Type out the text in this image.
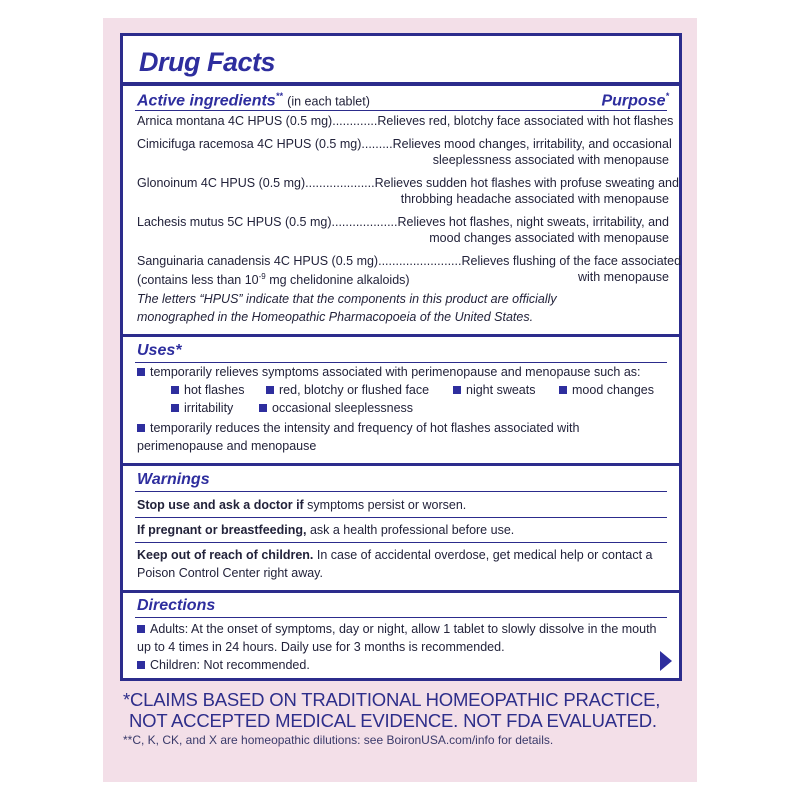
Drug Facts
Active ingredients** (in each tablet)	Purpose*
Arnica montana 4C HPUS (0.5 mg).............Relieves red, blotchy face associated with hot flashes
Cimicifuga racemosa 4C HPUS (0.5 mg).........Relieves mood changes, irritability, and occasional
sleeplessness associated with menopause
Glonoinum 4C HPUS (0.5 mg)....................Relieves sudden hot flashes with profuse sweating and
throbbing headache associated with menopause
Lachesis mutus 5C HPUS (0.5 mg)...................Relieves hot flashes, night sweats, irritability, and
mood changes associated with menopause
Sanguinaria canadensis 4C HPUS (0.5 mg)........................Relieves flushing of the face associated
(contains less than $10^{-9}$ mg chelidonine alkaloids)	with menopause
The letters “HPUS” indicate that the components in this product are officially
monographed in the Homeopathic Pharmacopoeia of the United States.
Uses*
temporarily relieves symptoms associated with perimenopause and menopause such as:
hot flashes	red, blotchy or flushed face	night sweats	mood changes
irritability	occasional sleeplessness
temporarily reduces the intensity and frequency of hot flashes associated with
perimenopause and menopause
Warnings
Stop use and ask a doctor if symptoms persist or worsen.
If pregnant or breastfeeding, ask a health professional before use.
Keep out of reach of children. In case of accidental overdose, get medical help or contact a
Poison Control Center right away.
Directions
Adults: At the onset of symptoms, day or night, allow 1 tablet to slowly dissolve in the mouth
up to 4 times in 24 hours. Daily use for 3 months is recommended.
Children: Not recommended.
*CLAIMS BASED ON TRADITIONAL HOMEOPATHIC PRACTICE,
NOT ACCEPTED MEDICAL EVIDENCE. NOT FDA EVALUATED.
**C, K, CK, and X are homeopathic dilutions: see BoironUSA.com/info for details.
